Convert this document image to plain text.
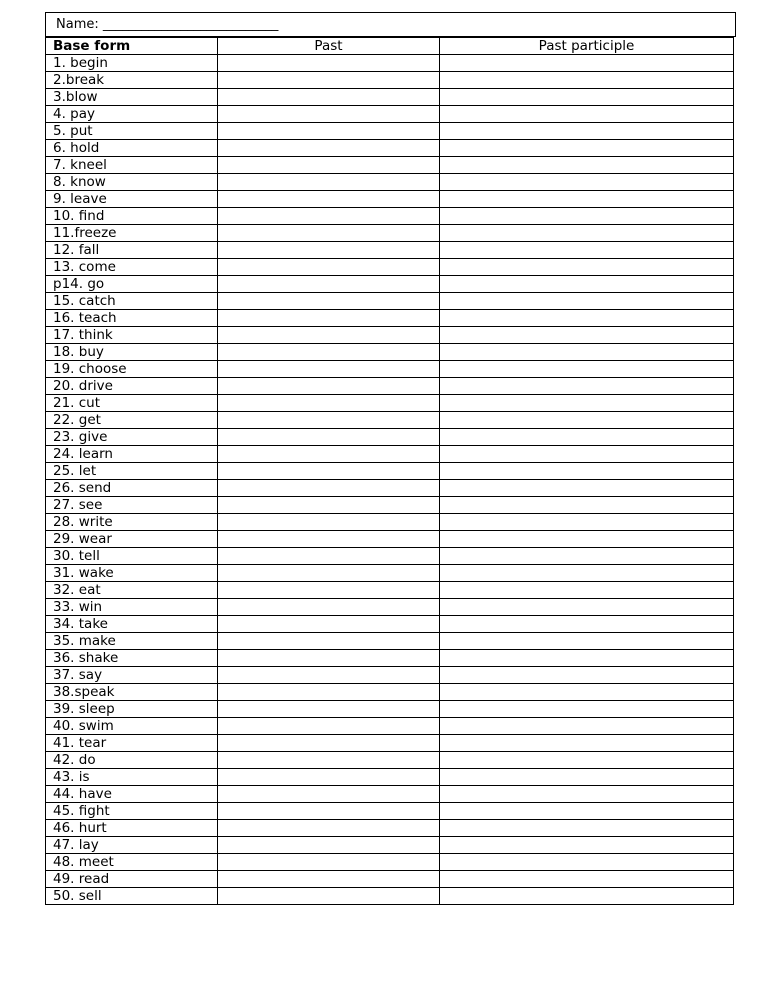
Name: ___________________________
Base form	Past	Past participle
1. begin		
2.break		
3.blow		
4. pay		
5. put		
6. hold		
7. kneel		
8. know		
9. leave		
10. find		
11.freeze		
12. fall		
13. come		
p14. go		
15. catch		
16. teach		
17. think		
18. buy		
19. choose		
20. drive		
21. cut		
22. get		
23. give		
24. learn		
25. let		
26. send		
27. see		
28. write		
29. wear		
30. tell		
31. wake		
32. eat		
33. win		
34. take		
35. make		
36. shake		
37. say		
38.speak		
39. sleep		
40. swim		
41. tear		
42. do		
43. is		
44. have		
45. fight		
46. hurt		
47. lay		
48. meet		
49. read		
50. sell		
